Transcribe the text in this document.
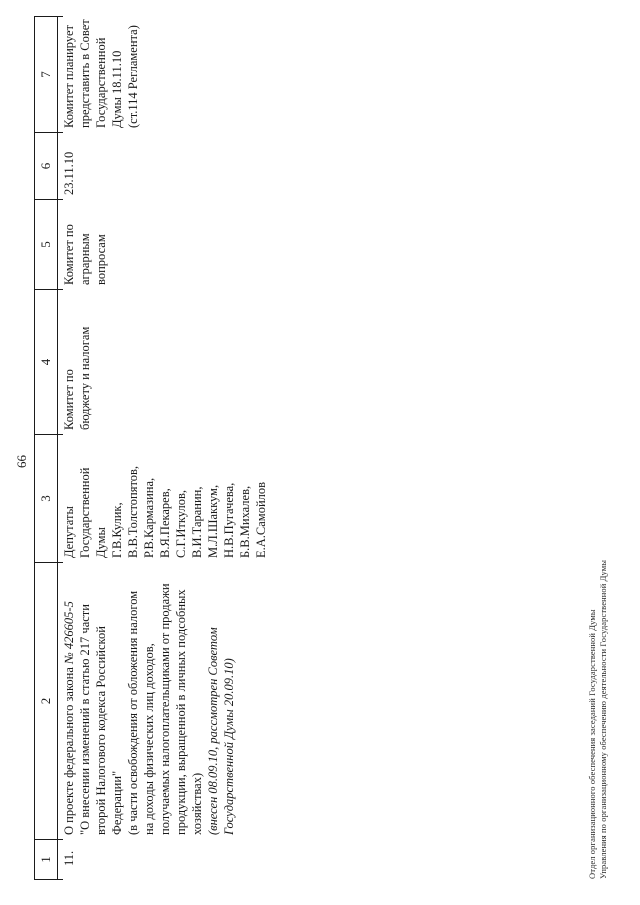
66
1
2
3
4
5
6
7
11.
О проекте федерального закона № 426605-5 "О внесении изменений в статью 217 части второй Налогового кодекса Российской Федерации" (в части освобождения от обложения налогом на доходы физических лиц доходов, получаемых налогоплательщиками от продажи продукции, выращенной в личных подсобных хозяйствах) (внесен 08.09.10, рассмотрен Советом Государственной Думы 20.09.10)
Депутаты Государственной Думы Г.В.Кулик, В.В.Толстопятов, Р.В.Кармазина, В.Я.Пекарев, С.Г.Иткулов, В.И.Таранин, М.Л.Шаккум, Н.В.Пугачева, Б.В.Михалев, Е.А.Самойлов
Комитет по бюджету и налогам
Комитет по аграрным вопросам
23.11.10
Комитет планирует представить в Совет Государственной Думы 18.11.10 (ст.114 Регламента)
Отдел организационного обеспечения заседаний Государственной Думы Управления по организационному обеспечению деятельности Государственной Думы
